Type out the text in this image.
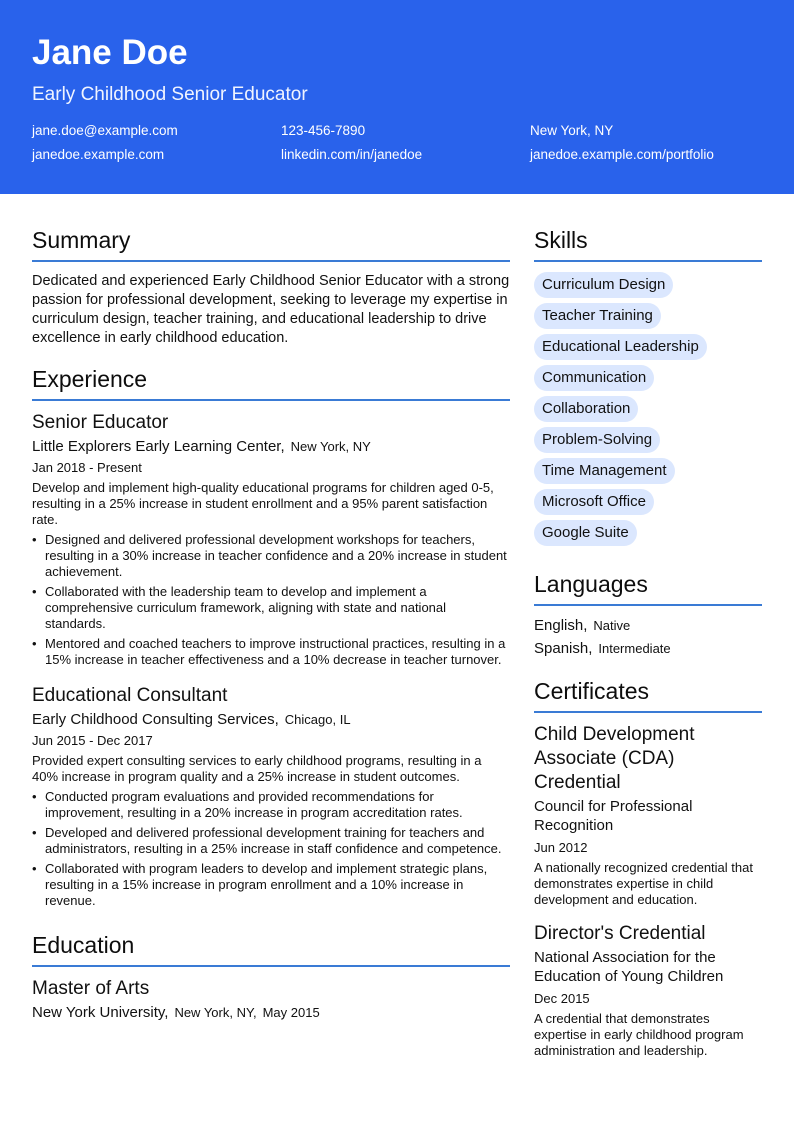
Jane Doe
Early Childhood Senior Educator
jane.doe@example.com	123-456-7890	New York, NY
janedoe.example.com	linkedin.com/in/janedoe	janedoe.example.com/portfolio
Summary

Dedicated and experienced Early Childhood Senior Educator with a strong passion for professional development, seeking to leverage my expertise in curriculum design, teacher training, and educational leadership to drive excellence in early childhood education.

Experience
Senior Educator
Little Explorers Early Learning Center, New York, NY
Jan 2018 - Present
Develop and implement high-quality educational programs for children aged 0-5, resulting in a 25% increase in student enrollment and a 95% parent satisfaction rate.
• Designed and delivered professional development workshops for teachers, resulting in a 30% increase in teacher confidence and a 20% increase in student achievement.
• Collaborated with the leadership team to develop and implement a comprehensive curriculum framework, aligning with state and national standards.
• Mentored and coached teachers to improve instructional practices, resulting in a 15% increase in teacher effectiveness and a 10% decrease in teacher turnover.
Educational Consultant
Early Childhood Consulting Services, Chicago, IL
Jun 2015 - Dec 2017
Provided expert consulting services to early childhood programs, resulting in a 40% increase in program quality and a 25% increase in student outcomes.
• Conducted program evaluations and provided recommendations for improvement, resulting in a 20% increase in program accreditation rates.
• Developed and delivered professional development training for teachers and administrators, resulting in a 25% increase in staff confidence and competence.
• Collaborated with program leaders to develop and implement strategic plans, resulting in a 15% increase in program enrollment and a 10% increase in revenue.
Education
Master of Arts
New York University, New York, NY, May 2015
Skills
Curriculum Design
Teacher Training
Educational Leadership
Communication
Collaboration
Problem-Solving
Time Management
Microsoft Office
Google Suite
Languages
English, Native
Spanish, Intermediate
Certificates
Child Development Associate (CDA) Credential
Council for Professional Recognition
Jun 2012
A nationally recognized credential that demonstrates expertise in child development and education.
Director's Credential
National Association for the Education of Young Children
Dec 2015
A credential that demonstrates expertise in early childhood program administration and leadership.
